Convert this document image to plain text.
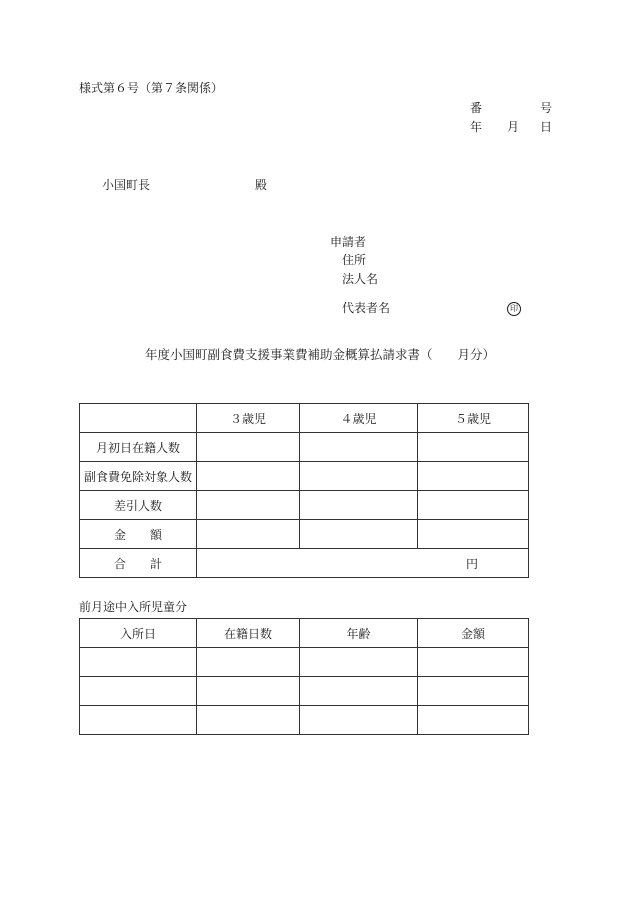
様式第６号（第７条関係）
番	号
年 月 日
小国町長	殿
申請者
住所
法人名
代表者名	印
年度小国町副食費支援事業費補助金概算払請求書（　　月分）
	３歳児	４歳児	５歳児
月初日在籍人数			
副食費免除対象人数			
差引人数			
金　　額			
合　　計	円		
前月途中入所児童分
入所日	在籍日数	年齢	金額
